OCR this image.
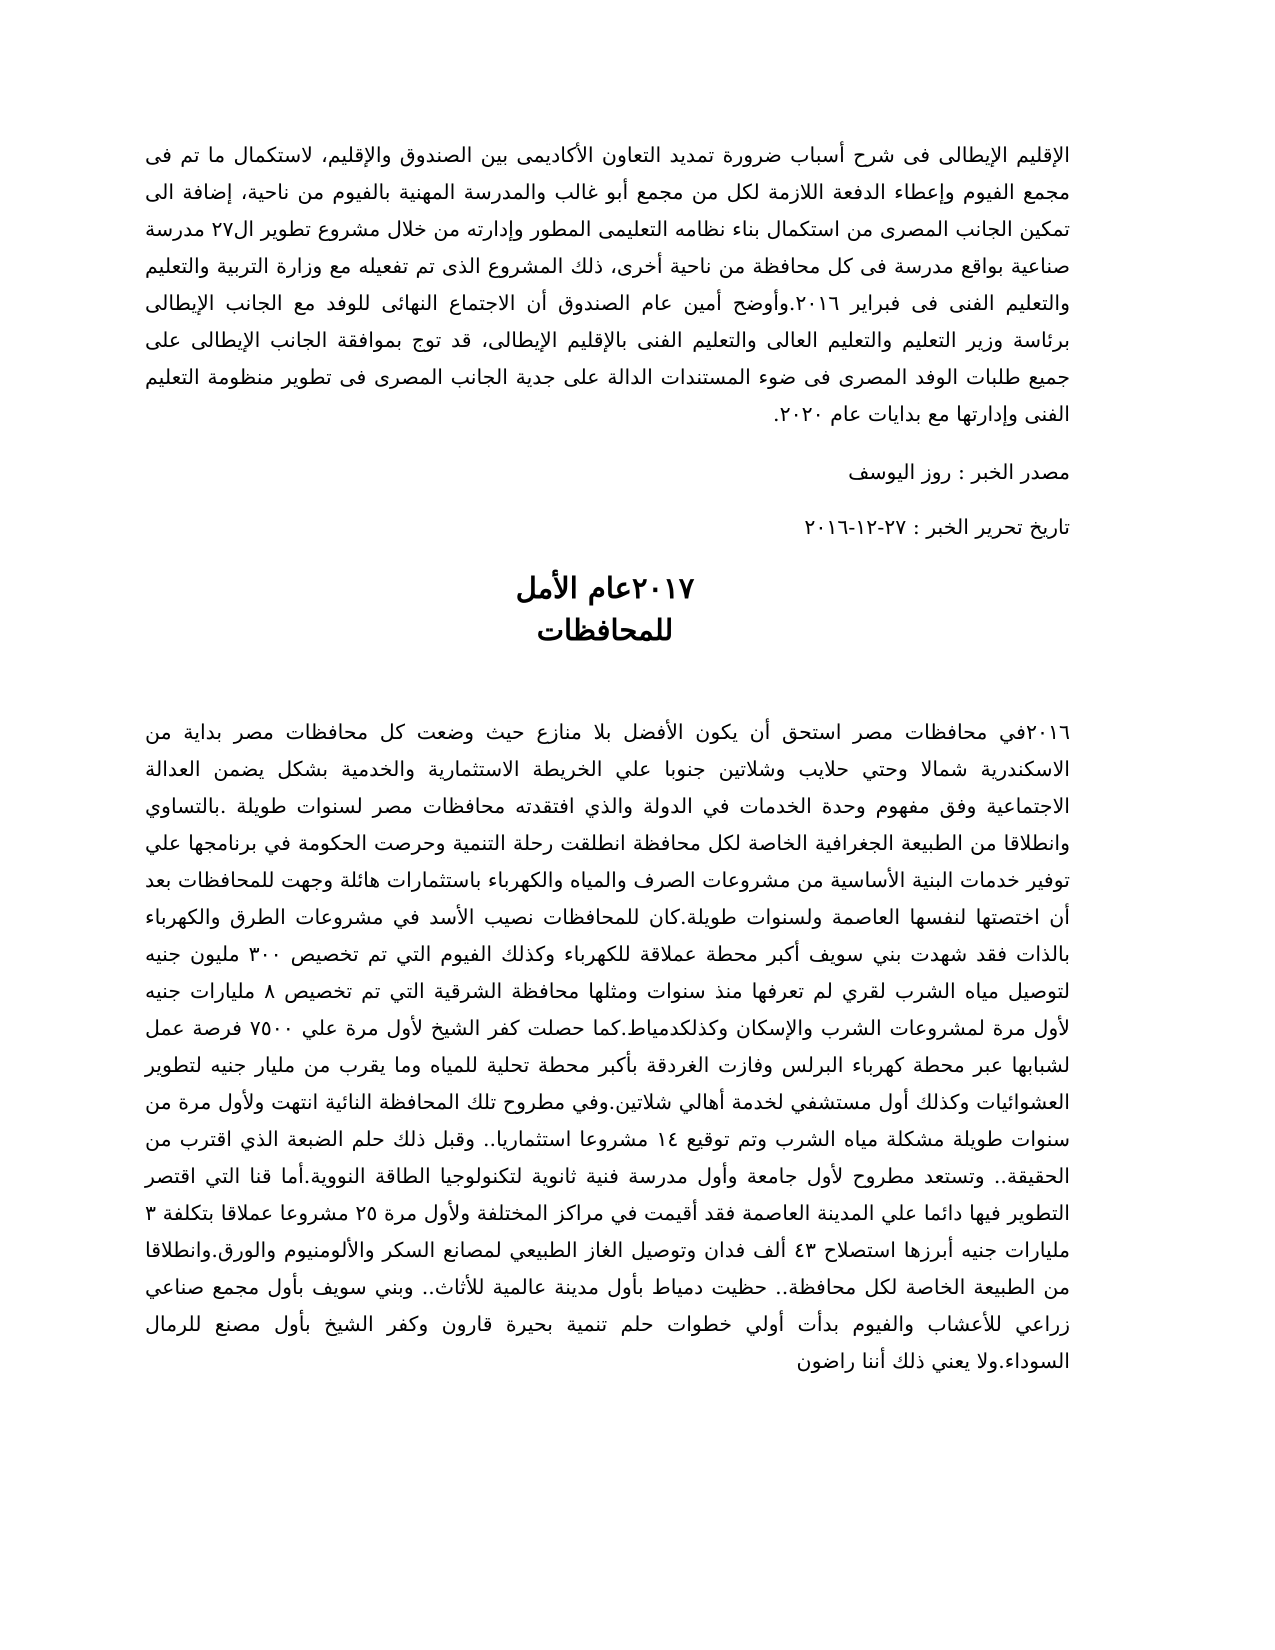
الإقليم الإيطالى فى شرح أسباب ضرورة تمديد التعاون الأكاديمى بين الصندوق والإقليم، لاستكمال ما تم فى مجمع الفيوم وإعطاء الدفعة اللازمة لكل من مجمع أبو غالب والمدرسة المهنية بالفيوم من ناحية، إضافة الى تمكين الجانب المصرى من استكمال بناء نظامه التعليمى المطور وإدارته من خلال مشروع تطوير ال٢٧ مدرسة صناعية بواقع مدرسة فى كل محافظة من ناحية أخرى، ذلك المشروع الذى تم تفعيله مع وزارة التربية والتعليم والتعليم الفنى فى فبراير ٢٠١٦.وأوضح أمين عام الصندوق أن الاجتماع النهائى للوفد مع الجانب الإيطالى برئاسة وزير التعليم والتعليم العالى والتعليم الفنى بالإقليم الإيطالى، قد توج بموافقة الجانب الإيطالى على جميع طلبات الوفد المصرى فى ضوء المستندات الدالة على جدية الجانب المصرى فى تطوير منظومة التعليم الفنى وإدارتها مع بدايات عام ٢٠٢٠.

مصدر الخبر : روز اليوسف

تاريخ تحرير الخبر : ٢٧-١٢-٢٠١٦

٢٠١٧عام الأمل
للمحافظات

٢٠١٦في محافظات مصر استحق أن يكون الأفضل بلا منازع حيث وضعت كل محافظات مصر بداية من الاسكندرية شمالا وحتي حلايب وشلاتين جنوبا علي الخريطة الاستثمارية والخدمية بشكل يضمن العدالة الاجتماعية وفق مفهوم وحدة الخدمات في الدولة والذي افتقدته محافظات مصر لسنوات طويلة .بالتساوي وانطلاقا من الطبيعة الجغرافية الخاصة لكل محافظة انطلقت رحلة التنمية وحرصت الحكومة في برنامجها علي توفير خدمات البنية الأساسية من مشروعات الصرف والمياه والكهرباء باستثمارات هائلة وجهت للمحافظات بعد أن اختصتها لنفسها العاصمة ولسنوات طويلة.كان للمحافظات نصيب الأسد في مشروعات الطرق والكهرباء بالذات فقد شهدت بني سويف أكبر محطة عملاقة للكهرباء وكذلك الفيوم التي تم تخصيص ٣٠٠ مليون جنيه لتوصيل مياه الشرب لقري لم تعرفها منذ سنوات ومثلها محافظة الشرقية التي تم تخصيص ٨ مليارات جنيه لأول مرة لمشروعات الشرب والإسكان وكذلكدمياط.كما حصلت كفر الشيخ لأول مرة علي ٧٥٠٠ فرصة عمل لشبابها عبر محطة كهرباء البرلس وفازت الغردقة بأكبر محطة تحلية للمياه وما يقرب من مليار جنيه لتطوير العشوائيات وكذلك أول مستشفي لخدمة أهالي شلاتين.وفي مطروح تلك المحافظة النائية انتهت ولأول مرة من سنوات طويلة مشكلة مياه الشرب وتم توقيع ١٤ مشروعا استثماريا.. وقبل ذلك حلم الضبعة الذي اقترب من الحقيقة.. وتستعد مطروح لأول جامعة وأول مدرسة فنية ثانوية لتكنولوجيا الطاقة النووية.أما قنا التي اقتصر التطوير فيها دائما علي المدينة العاصمة فقد أقيمت في مراكز المختلفة ولأول مرة ٢٥ مشروعا عملاقا بتكلفة ٣ مليارات جنيه أبرزها استصلاح ٤٣ ألف فدان وتوصيل الغاز الطبيعي لمصانع السكر والألومنيوم والورق.وانطلاقا من الطبيعة الخاصة لكل محافظة.. حظيت دمياط بأول مدينة عالمية للأثاث.. وبني سويف بأول مجمع صناعي زراعي للأعشاب والفيوم بدأت أولي خطوات حلم تنمية بحيرة قارون وكفر الشيخ بأول مصنع للرمال السوداء.ولا يعني ذلك أننا راضون
